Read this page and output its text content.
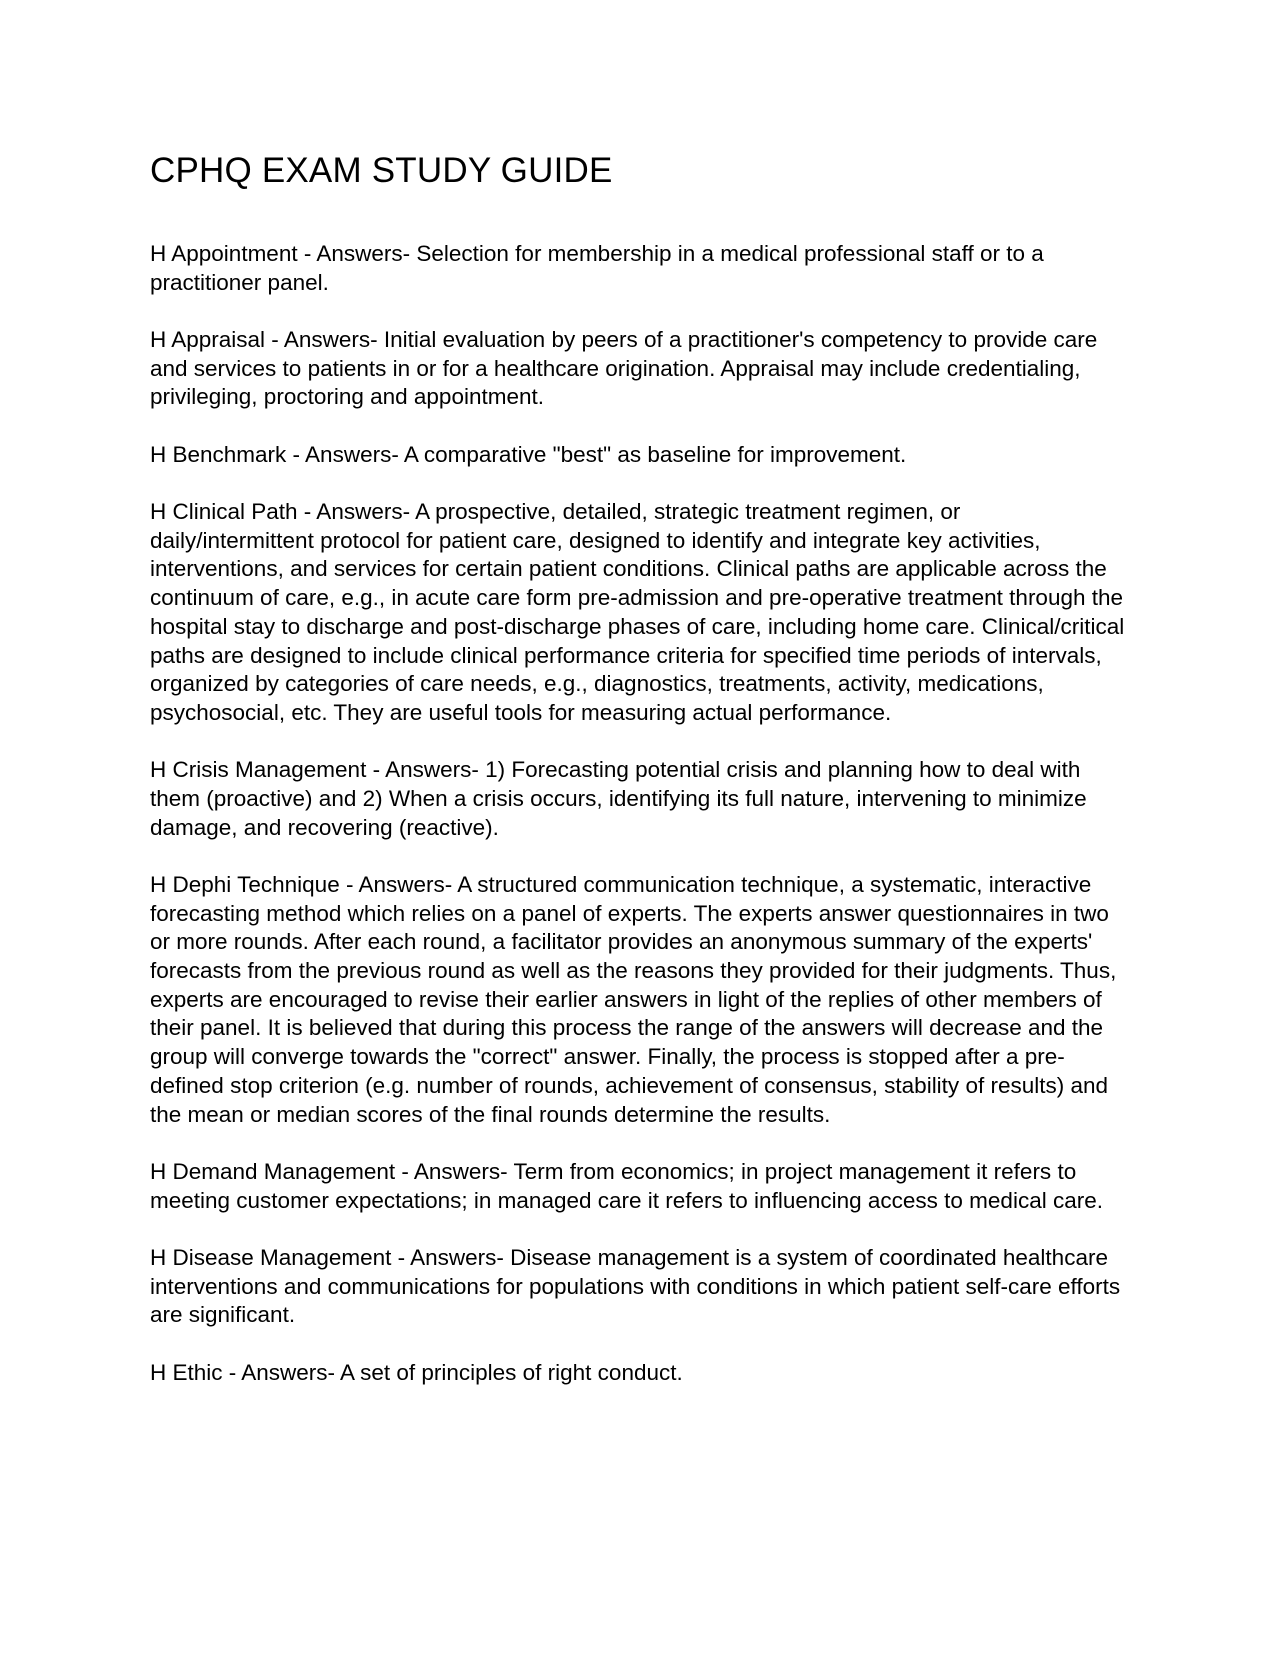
CPHQ EXAM STUDY GUIDE

H Appointment - Answers- Selection for membership in a medical professional staff or to a practitioner panel.

H Appraisal - Answers- Initial evaluation by peers of a practitioner's competency to provide care and services to patients in or for a healthcare origination. Appraisal may include credentialing, privileging, proctoring and appointment.

H Benchmark - Answers- A comparative "best" as baseline for improvement.

H Clinical Path - Answers- A prospective, detailed, strategic treatment regimen, or daily/intermittent protocol for patient care, designed to identify and integrate key activities, interventions, and services for certain patient conditions. Clinical paths are applicable across the continuum of care, e.g., in acute care form pre-admission and pre-operative treatment through the hospital stay to discharge and post-discharge phases of care, including home care. Clinical/critical paths are designed to include clinical performance criteria for specified time periods of intervals, organized by categories of care needs, e.g., diagnostics, treatments, activity, medications, psychosocial, etc. They are useful tools for measuring actual performance.

H Crisis Management - Answers- 1) Forecasting potential crisis and planning how to deal with them (proactive) and 2) When a crisis occurs, identifying its full nature, intervening to minimize damage, and recovering (reactive).

H Dephi Technique - Answers- A structured communication technique, a systematic, interactive forecasting method which relies on a panel of experts. The experts answer questionnaires in two or more rounds. After each round, a facilitator provides an anonymous summary of the experts' forecasts from the previous round as well as the reasons they provided for their judgments. Thus, experts are encouraged to revise their earlier answers in light of the replies of other members of their panel. It is believed that during this process the range of the answers will decrease and the group will converge towards the "correct" answer. Finally, the process is stopped after a pre-defined stop criterion (e.g. number of rounds, achievement of consensus, stability of results) and the mean or median scores of the final rounds determine the results.

H Demand Management - Answers- Term from economics; in project management it refers to meeting customer expectations; in managed care it refers to influencing access to medical care.

H Disease Management - Answers- Disease management is a system of coordinated healthcare interventions and communications for populations with conditions in which patient self-care efforts are significant.

H Ethic - Answers- A set of principles of right conduct.
